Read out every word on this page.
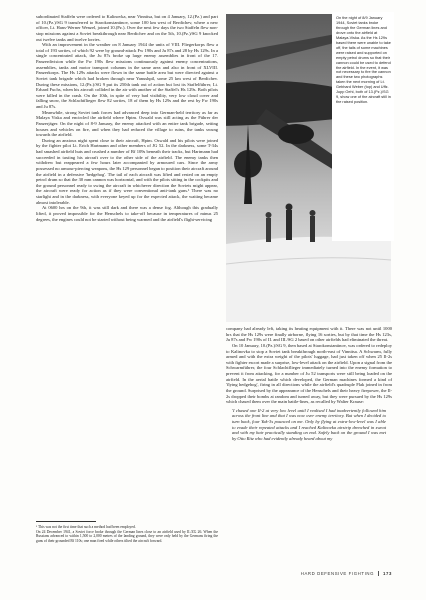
subordinated Staffeln were ordered to Kalinovka, near Vinnitsa, but on 4 January, 12.(Pz.) and part of 10.(Pz.)/SG 9 transferred to Starokonstantinov, some 100 km west of Berdichev, where a new officer, Lt. Hans-Werner Wenzel, joined 10.(Pz.). Over the next few days the two Staffeln flew non-stop missions against a Soviet breakthrough near Berdichev and on the 5th, 10.(Pz.)/SG 9 knocked out twelve tanks and twelve lorries.

With an improvement in the weather on 8 January 1944 the units of VIII. Fliegerkorps flew a total of 193 sorties, of which 92 were by ground-attack Fw 190s and Ju 87s and 28 by Hs 129s. In a single concentrated attack, the Ju 87s broke up large enemy assemblies in front of the 17. Panzerdivision while the Fw 190s flew missions continuously against enemy concentrations, assemblies, tanks and motor transport columns in the same area and also in front of XLVIII. Panzerkorps. The Hs 129s attacks were flown in the same battle area but were directed against a Soviet tank brigade which had broken through near Yanushpil, some 25 km west of Berdichev. During these missions, 12.(Pz.)/SG 9 put its 250th tank out of action but lost its Staffelführer, Lt. Erhard Fuchs, when his aircraft collided in the air with another of the Staffel's Hs 129s. Both pilots were killed in the crash. On the 10th, in spite of very bad visibility, very low cloud cover and falling snow, the Schlachtflieger flew 82 sorties, 18 of them by Hs 129s and the rest by Fw 190s and Ju 87s.

Meanwhile, strong Soviet tank forces had advanced deep into German-held territory as far as Malaya Viska and encircled the airfield where Hptm. Oswald was still acting as the Führer der Panzerjäger. On the night of 8-9 January, the enemy attacked with an entire tank brigade, setting houses and vehicles on fire, and when they had reduced the village to ruins, the tanks swung towards the airfield.

During an anxious night spent close to their aircraft, Hptm. Oswald and his pilots were joined by the fighter pilot Lt. Erich Hartmann and other members of JG 52. In the darkness, some T-34s had smashed airfield huts and crushed a number of Bf 109s beneath their tracks, but Hartmann had succeeded in taxiing his aircraft over to the other side of the airfield. The enemy tanks then withdrew but reappeared a few hours later accompanied by armoured cars. Since the army possessed no armour-piercing weapons, the Hs 129 personnel began to position their aircraft around the airfield in a defensive 'hedgehog'. The tail of each aircraft was lifted and rested on an empty petrol drum so that the 30 mm cannon was horizontal, and with the pilots sitting in the cockpits and the ground personnel ready to swing the aircraft in whichever direction the Soviets might appear, the aircraft were ready for action as if they were conventional anti-tank guns.¹ There was no starlight and in the darkness, with everyone keyed up for the expected attack, the waiting became almost intolerable.

At 0600 hrs on the 9th, it was still dark and there was a dense fog. Although this gradually lifted, it proved impossible for the Henschels to take-off because in temperatures of minus 25 degrees, the engines could not be started without being warmed and the airfield's flight-servicing

¹ This was not the first time that such a method had been employed.

On 24 December 1941, a Soviet force broke through the German lines close to an airfield used by II./ZG 26. When the Russians advanced to within 1,500 to 2,000 metres of the landing ground, they were only held by the Germans firing the guns of their grounded Bf 110s; one man fired while others tilted the aircraft forward.

On the night of 8/9 January 1944, Soviet tanks broke through the German lines and drove onto the airfield at Malaya-Viska. As the Hs 129s based there were unable to take off, the tails of some machines were raised and supported on empty petrol drums so that their cannon could be used to defend the airfield. In the event, it was not necessary to fire the cannon and these two photographs taken the next morning of Lt. Gebhard Weber (top) and Uffz. Jupp Oehl, both of 13.(Pz.)/SG 9, show one of the aircraft still in the raised position.

company had already left, taking its heating equipment with it. There was not until 1000 hrs that the Hs 129s were finally airborne, flying 16 sorties, but by that time the Hs 123s, Ju 87s and Fw 190s of II. and III./SG 2 based on other airfields had eliminated the threat.

On 10 January, 10.(Pz.)/SG 9, then based at Starokonstantinov, was ordered to redeploy to Kalinovka to stop a Soviet tank breakthrough north-east of Vinnitsa. A Schwarm, fully armed and with the extra weight of the pilots' luggage, had just taken off when 25 Il-2s with fighter escort made a surprise, low-level attack on the airfield. Upon a signal from the Schwarmführer, the four Schlachtflieger immediately turned into the enemy formation to prevent it from attacking, for a number of Ju 52 transports were still being loaded on the airfield. In the aerial battle which developed, the German machines formed a kind of 'flying hedgehog', firing in all directions while the airfield's quadruple Flak joined in from the ground. Surprised by the appearance of the Henschels and their heavy firepower, the Il-2s dropped their bombs at random and turned away, but they were pursued by the Hs 129s which chased them over the main battle-lines, as recalled by Walter Krause:

'I chased one Il-2 at very low level until I realised I had inadvertently followed him across the front line and that I was now over enemy territory. But when I decided to turn back, four Yak-3s pounced on me. Only by flying at extra-low-level was I able to evade their repeated attacks and I reached Kalinovka airstrip drenched in sweat and with my hair practically standing on end. Safely back on the ground I was met by Otto Ritz who had evidently already heard about my
HARD DEFENSIVE FIGHTING 173
